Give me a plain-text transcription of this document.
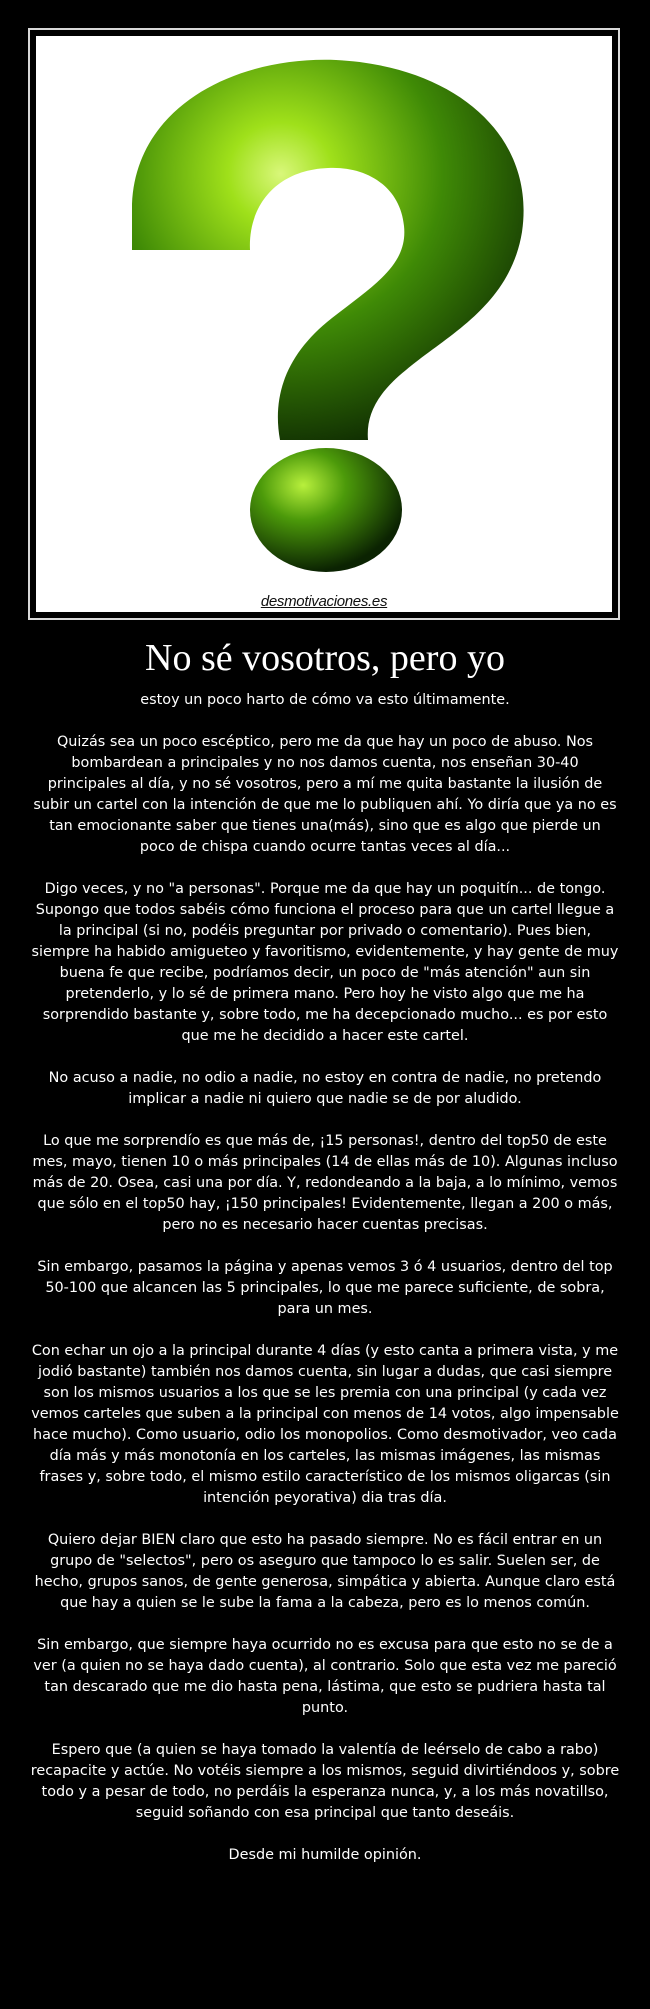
desmotivaciones.es
No sé vosotros, pero yo

estoy un poco harto de cómo va esto últimamente.

Quizás sea un poco escéptico, pero me da que hay un poco de abuso. Nos bombardean a principales y no nos damos cuenta, nos enseñan 30-40 principales al día, y no sé vosotros, pero a mí me quita bastante la ilusión de subir un cartel con la intención de que me lo publiquen ahí. Yo diría que ya no es tan emocionante saber que tienes una(más), sino que es algo que pierde un poco de chispa cuando ocurre tantas veces al día...

Digo veces, y no "a personas". Porque me da que hay un poquitín... de tongo. Supongo que todos sabéis cómo funciona el proceso para que un cartel llegue a la principal (si no, podéis preguntar por privado o comentario). Pues bien, siempre ha habido amigueteo y favoritismo, evidentemente, y hay gente de muy buena fe que recibe, podríamos decir, un poco de "más atención" aun sin pretenderlo, y lo sé de primera mano. Pero hoy he visto algo que me ha sorprendido bastante y, sobre todo, me ha decepcionado mucho... es por esto que me he decidido a hacer este cartel.

No acuso a nadie, no odio a nadie, no estoy en contra de nadie, no pretendo implicar a nadie ni quiero que nadie se de por aludido.

Lo que me sorprendío es que más de, ¡15 personas!, dentro del top50 de este mes, mayo, tienen 10 o más principales (14 de ellas más de 10). Algunas incluso más de 20. Osea, casi una por día. Y, redondeando a la baja, a lo mínimo, vemos que sólo en el top50 hay, ¡150 principales! Evidentemente, llegan a 200 o más, pero no es necesario hacer cuentas precisas.

Sin embargo, pasamos la página y apenas vemos 3 ó 4 usuarios, dentro del top 50-100 que alcancen las 5 principales, lo que me parece suficiente, de sobra, para un mes.

Con echar un ojo a la principal durante 4 días (y esto canta a primera vista, y me jodió bastante) también nos damos cuenta, sin lugar a dudas, que casi siempre son los mismos usuarios a los que se les premia con una principal (y cada vez vemos carteles que suben a la principal con menos de 14 votos, algo impensable hace mucho). Como usuario, odio los monopolios. Como desmotivador, veo cada día más y más monotonía en los carteles, las mismas imágenes, las mismas frases y, sobre todo, el mismo estilo característico de los mismos oligarcas (sin intención peyorativa) dia tras día.

Quiero dejar BIEN claro que esto ha pasado siempre. No es fácil entrar en un grupo de "selectos", pero os aseguro que tampoco lo es salir. Suelen ser, de hecho, grupos sanos, de gente generosa, simpática y abierta. Aunque claro está que hay a quien se le sube la fama a la cabeza, pero es lo menos común.

Sin embargo, que siempre haya ocurrido no es excusa para que esto no se de a ver (a quien no se haya dado cuenta), al contrario. Solo que esta vez me pareció tan descarado que me dio hasta pena, lástima, que esto se pudriera hasta tal punto.

Espero que (a quien se haya tomado la valentía de leérselo de cabo a rabo) recapacite y actúe. No votéis siempre a los mismos, seguid divirtiéndoos y, sobre todo y a pesar de todo, no perdáis la esperanza nunca, y, a los más novatillso, seguid soñando con esa principal que tanto deseáis.

Desde mi humilde opinión.
